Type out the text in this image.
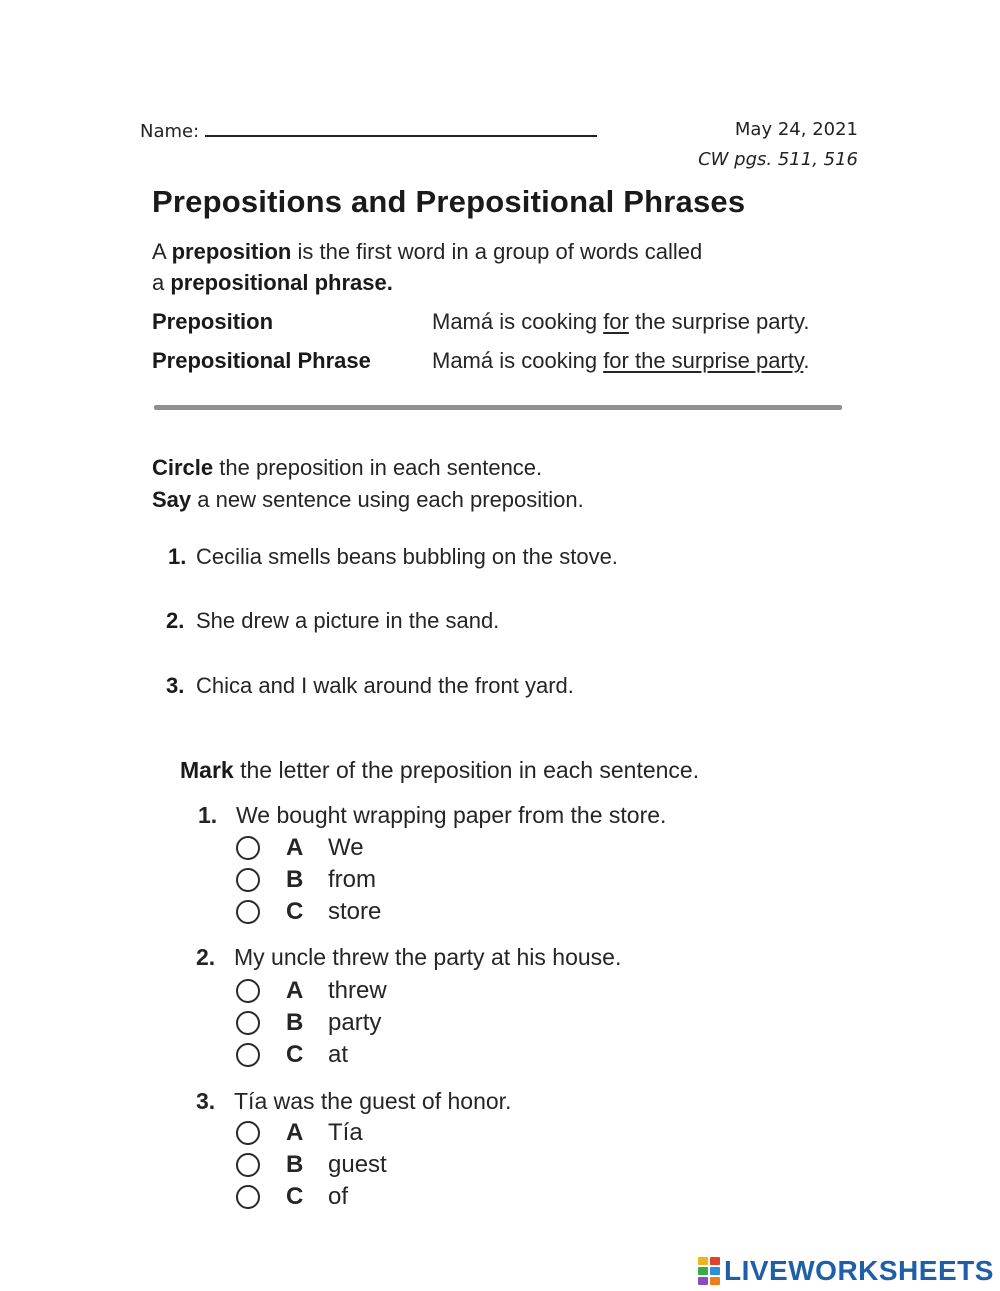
Name:	May 24, 2021
CW pgs. 511, 516
Prepositions and Prepositional Phrases
A preposition is the first word in a group of words called
a prepositional phrase.
Preposition	Mamá is cooking for the surprise party.
Prepositional Phrase	Mamá is cooking for the surprise party.
Circle the preposition in each sentence.
Say a new sentence using each preposition.
1. Cecilia smells beans bubbling on the stove.
2. She drew a picture in the sand.
3. Chica and I walk around the front yard.
Mark the letter of the preposition in each sentence.
1. We bought wrapping paper from the store.
A	We
B	from
C	store
2. My uncle threw the party at his house.
A	threw
B	party
C	at
3. Tía was the guest of honor.
A	Tía
B	guest
C	of
LIVEWORKSHEETS
